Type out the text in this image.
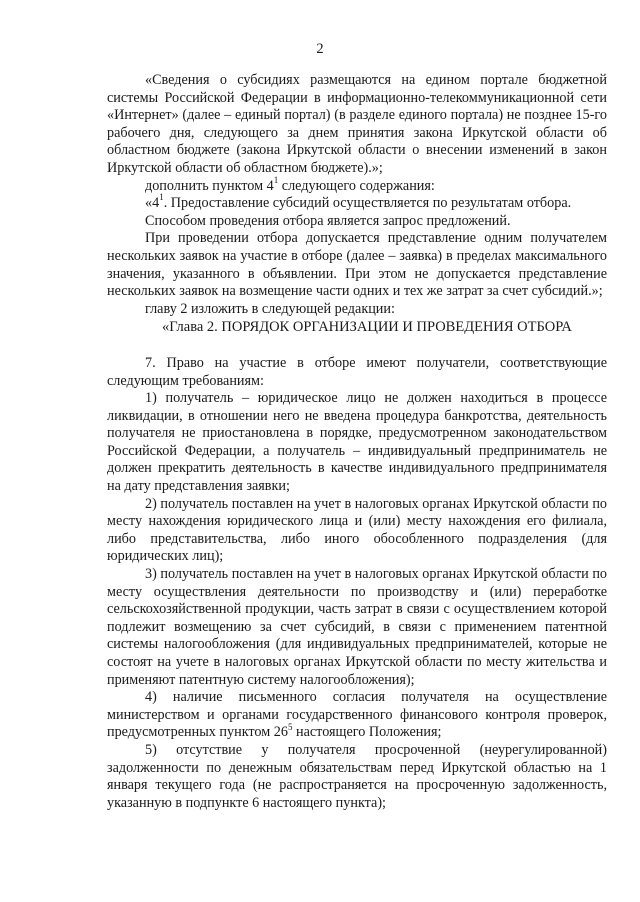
2

«Сведения о субсидиях размещаются на едином портале бюджетной системы Российской Федерации в информационно-телекоммуникационной сети «Интернет» (далее – единый портал) (в разделе единого портала) не позднее 15-го рабочего дня, следующего за днем принятия закона Иркутской области об областном бюджете (закона Иркутской области о внесении изменений в закон Иркутской области об областном бюджете).»;

дополнить пунктом $4^1$ следующего содержания:

«$4^1$. Предоставление субсидий осуществляется по результатам отбора.

Способом проведения отбора является запрос предложений.

При проведении отбора допускается представление одним получателем нескольких заявок на участие в отборе (далее – заявка) в пределах максимального значения, указанного в объявлении. При этом не допускается представление нескольких заявок на возмещение части одних и тех же затрат за счет субсидий.»;

главу 2 изложить в следующей редакции:

«Глава 2. ПОРЯДОК ОРГАНИЗАЦИИ И ПРОВЕДЕНИЯ ОТБОРА

7. Право на участие в отборе имеют получатели, соответствующие следующим требованиям:

1) получатель – юридическое лицо не должен находиться в процессе ликвидации, в отношении него не введена процедура банкротства, деятельность получателя не приостановлена в порядке, предусмотренном законодательством Российской Федерации, а получатель – индивидуальный предприниматель не должен прекратить деятельность в качестве индивидуального предпринимателя на дату представления заявки;

2) получатель поставлен на учет в налоговых органах Иркутской области по месту нахождения юридического лица и (или) месту нахождения его филиала, либо представительства, либо иного обособленного подразделения (для юридических лиц);

3) получатель поставлен на учет в налоговых органах Иркутской области по месту осуществления деятельности по производству и (или) переработке сельскохозяйственной продукции, часть затрат в связи с осуществлением которой подлежит возмещению за счет субсидий, в связи с применением патентной системы налогообложения (для индивидуальных предпринимателей, которые не состоят на учете в налоговых органах Иркутской области по месту жительства и применяют патентную систему налогообложения);

4) наличие письменного согласия получателя на осуществление министерством и органами государственного финансового контроля проверок, предусмотренных пунктом $26^5$ настоящего Положения;

5) отсутствие у получателя просроченной (неурегулированной) задолженности по денежным обязательствам перед Иркутской областью на 1 января текущего года (не распространяется на просроченную задолженность, указанную в подпункте 6 настоящего пункта);
